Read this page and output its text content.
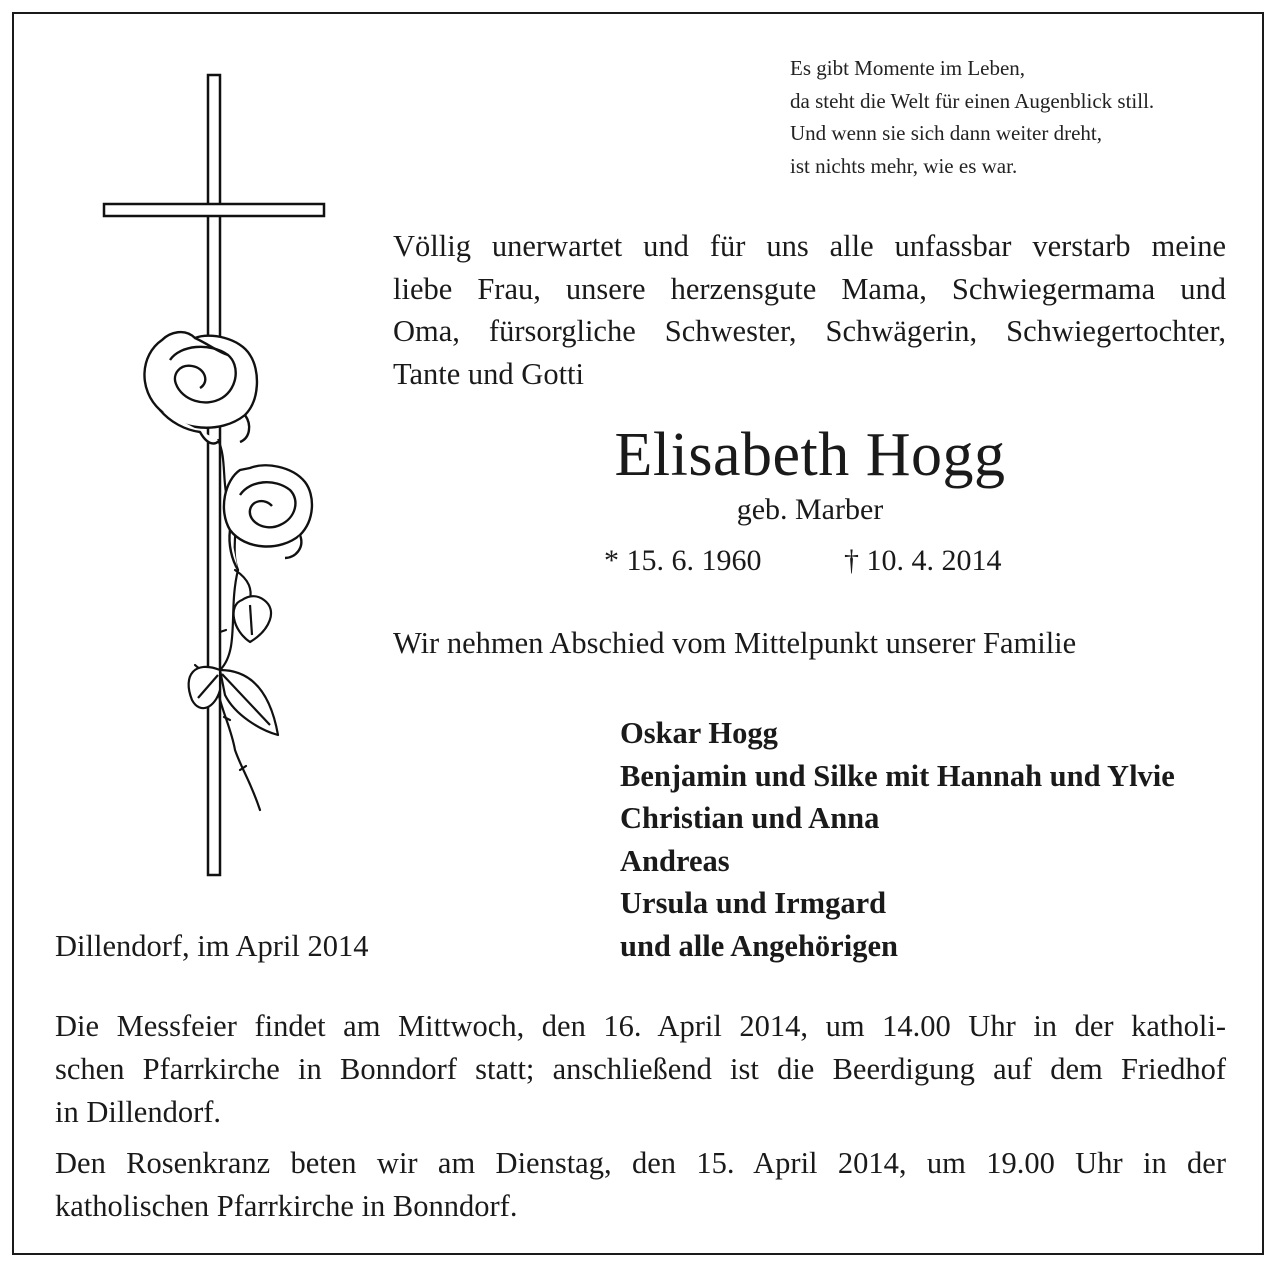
Es gibt Momente im Leben,
da steht die Welt für einen Augenblick still.
Und wenn sie sich dann weiter dreht,
ist nichts mehr, wie es war.
Völlig unerwartet und für uns alle unfassbar verstarb meine
liebe Frau, unsere herzensgute Mama, Schwiegermama und
Oma, fürsorgliche Schwester, Schwägerin, Schwiegertochter,
Tante und Gotti
Elisabeth Hogg
geb. Marber
* 15. 6. 1960	† 10. 4. 2014
Wir nehmen Abschied vom Mittelpunkt unserer Familie
Oskar Hogg
Benjamin und Silke mit Hannah und Ylvie
Christian und Anna
Andreas
Ursula und Irmgard
und alle Angehörigen
Dillendorf, im April 2014
Die Messfeier findet am Mittwoch, den 16. April 2014, um 14.00 Uhr in der katholi-
schen Pfarrkirche in Bonndorf statt; anschließend ist die Beerdigung auf dem Friedhof
in Dillendorf.
Den Rosenkranz beten wir am Dienstag, den 15. April 2014, um 19.00 Uhr in der
katholischen Pfarrkirche in Bonndorf.
